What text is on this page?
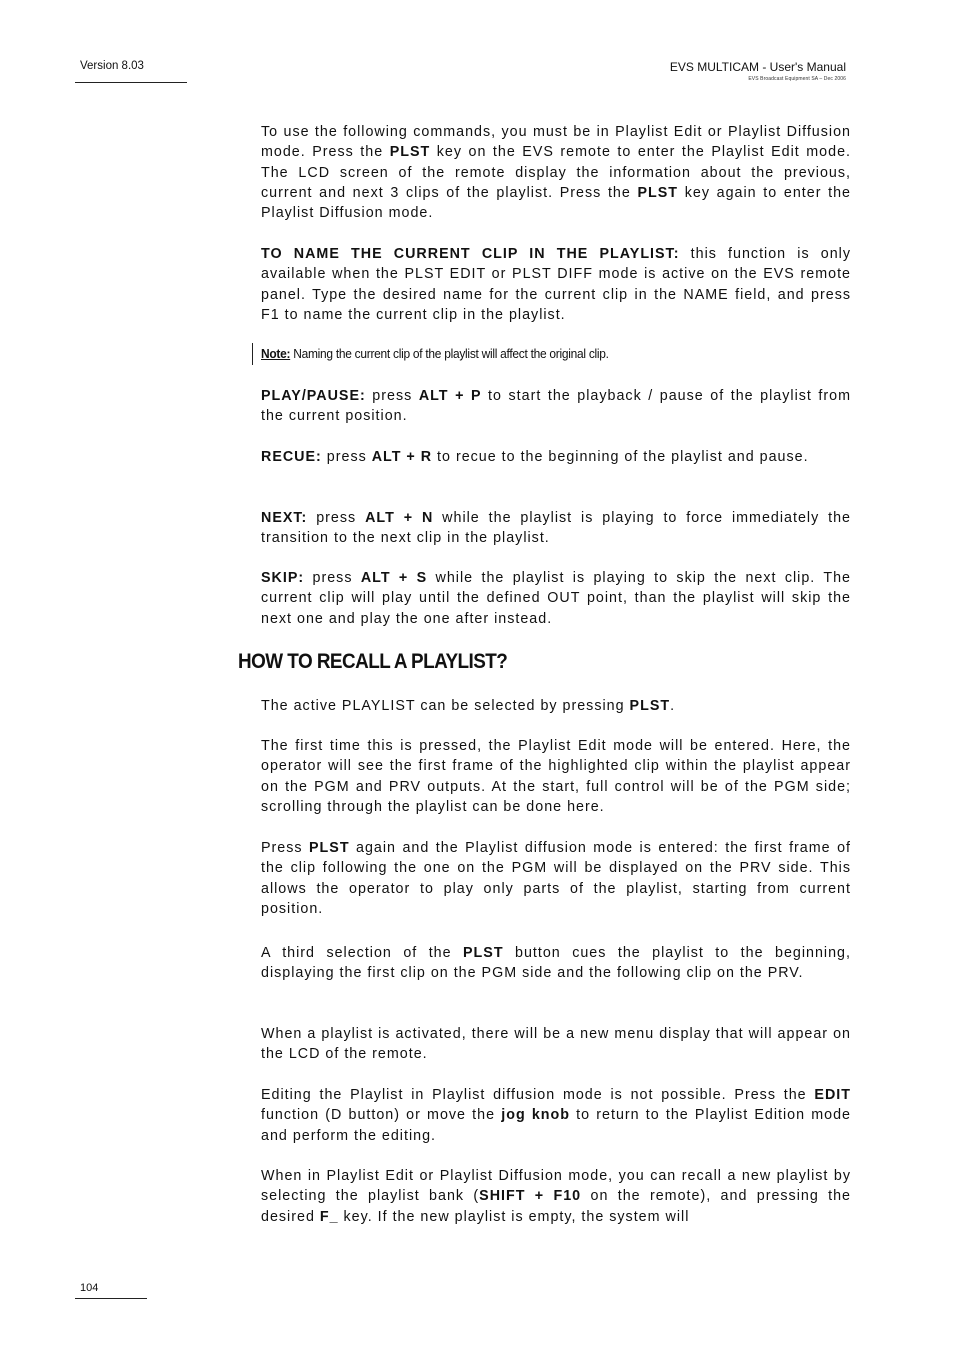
Version 8.03	EVS MULTICAM - User's Manual
EVS Broadcast Equipment SA – Dec 2006

To use the following commands, you must be in Playlist Edit or Playlist Diffusion mode. Press the PLST key on the EVS remote to enter the Playlist Edit mode. The LCD screen of the remote display the information about the previous, current and next 3 clips of the playlist. Press the PLST key again to enter the Playlist Diffusion mode.

TO NAME THE CURRENT CLIP IN THE PLAYLIST: this function is only available when the PLST EDIT or PLST DIFF mode is active on the EVS remote panel. Type the desired name for the current clip in the NAME field, and press F1 to name the current clip in the playlist.

Note: Naming the current clip of the playlist will affect the original clip.

PLAY/PAUSE: press ALT + P to start the playback / pause of the playlist from the current position.

RECUE: press ALT + R to recue to the beginning of the playlist and pause.

NEXT: press ALT + N while the playlist is playing to force immediately the transition to the next clip in the playlist.

SKIP: press ALT + S while the playlist is playing to skip the next clip. The current clip will play until the defined OUT point, than the playlist will skip the next one and play the one after instead.

HOW TO RECALL A PLAYLIST?

The active PLAYLIST can be selected by pressing PLST.

The first time this is pressed, the Playlist Edit mode will be entered. Here, the operator will see the first frame of the highlighted clip within the playlist appear on the PGM and PRV outputs. At the start, full control will be of the PGM side; scrolling through the playlist can be done here.

Press PLST again and the Playlist diffusion mode is entered: the first frame of the clip following the one on the PGM will be displayed on the PRV side. This allows the operator to play only parts of the playlist, starting from current position.

A third selection of the PLST button cues the playlist to the beginning, displaying the first clip on the PGM side and the following clip on the PRV.

When a playlist is activated, there will be a new menu display that will appear on the LCD of the remote.

Editing the Playlist in Playlist diffusion mode is not possible. Press the EDIT function (D button) or move the jog knob to return to the Playlist Edition mode and perform the editing.

When in Playlist Edit or Playlist Diffusion mode, you can recall a new playlist by selecting the playlist bank (SHIFT + F10 on the remote), and pressing the desired F_ key. If the new playlist is empty, the system will

104
